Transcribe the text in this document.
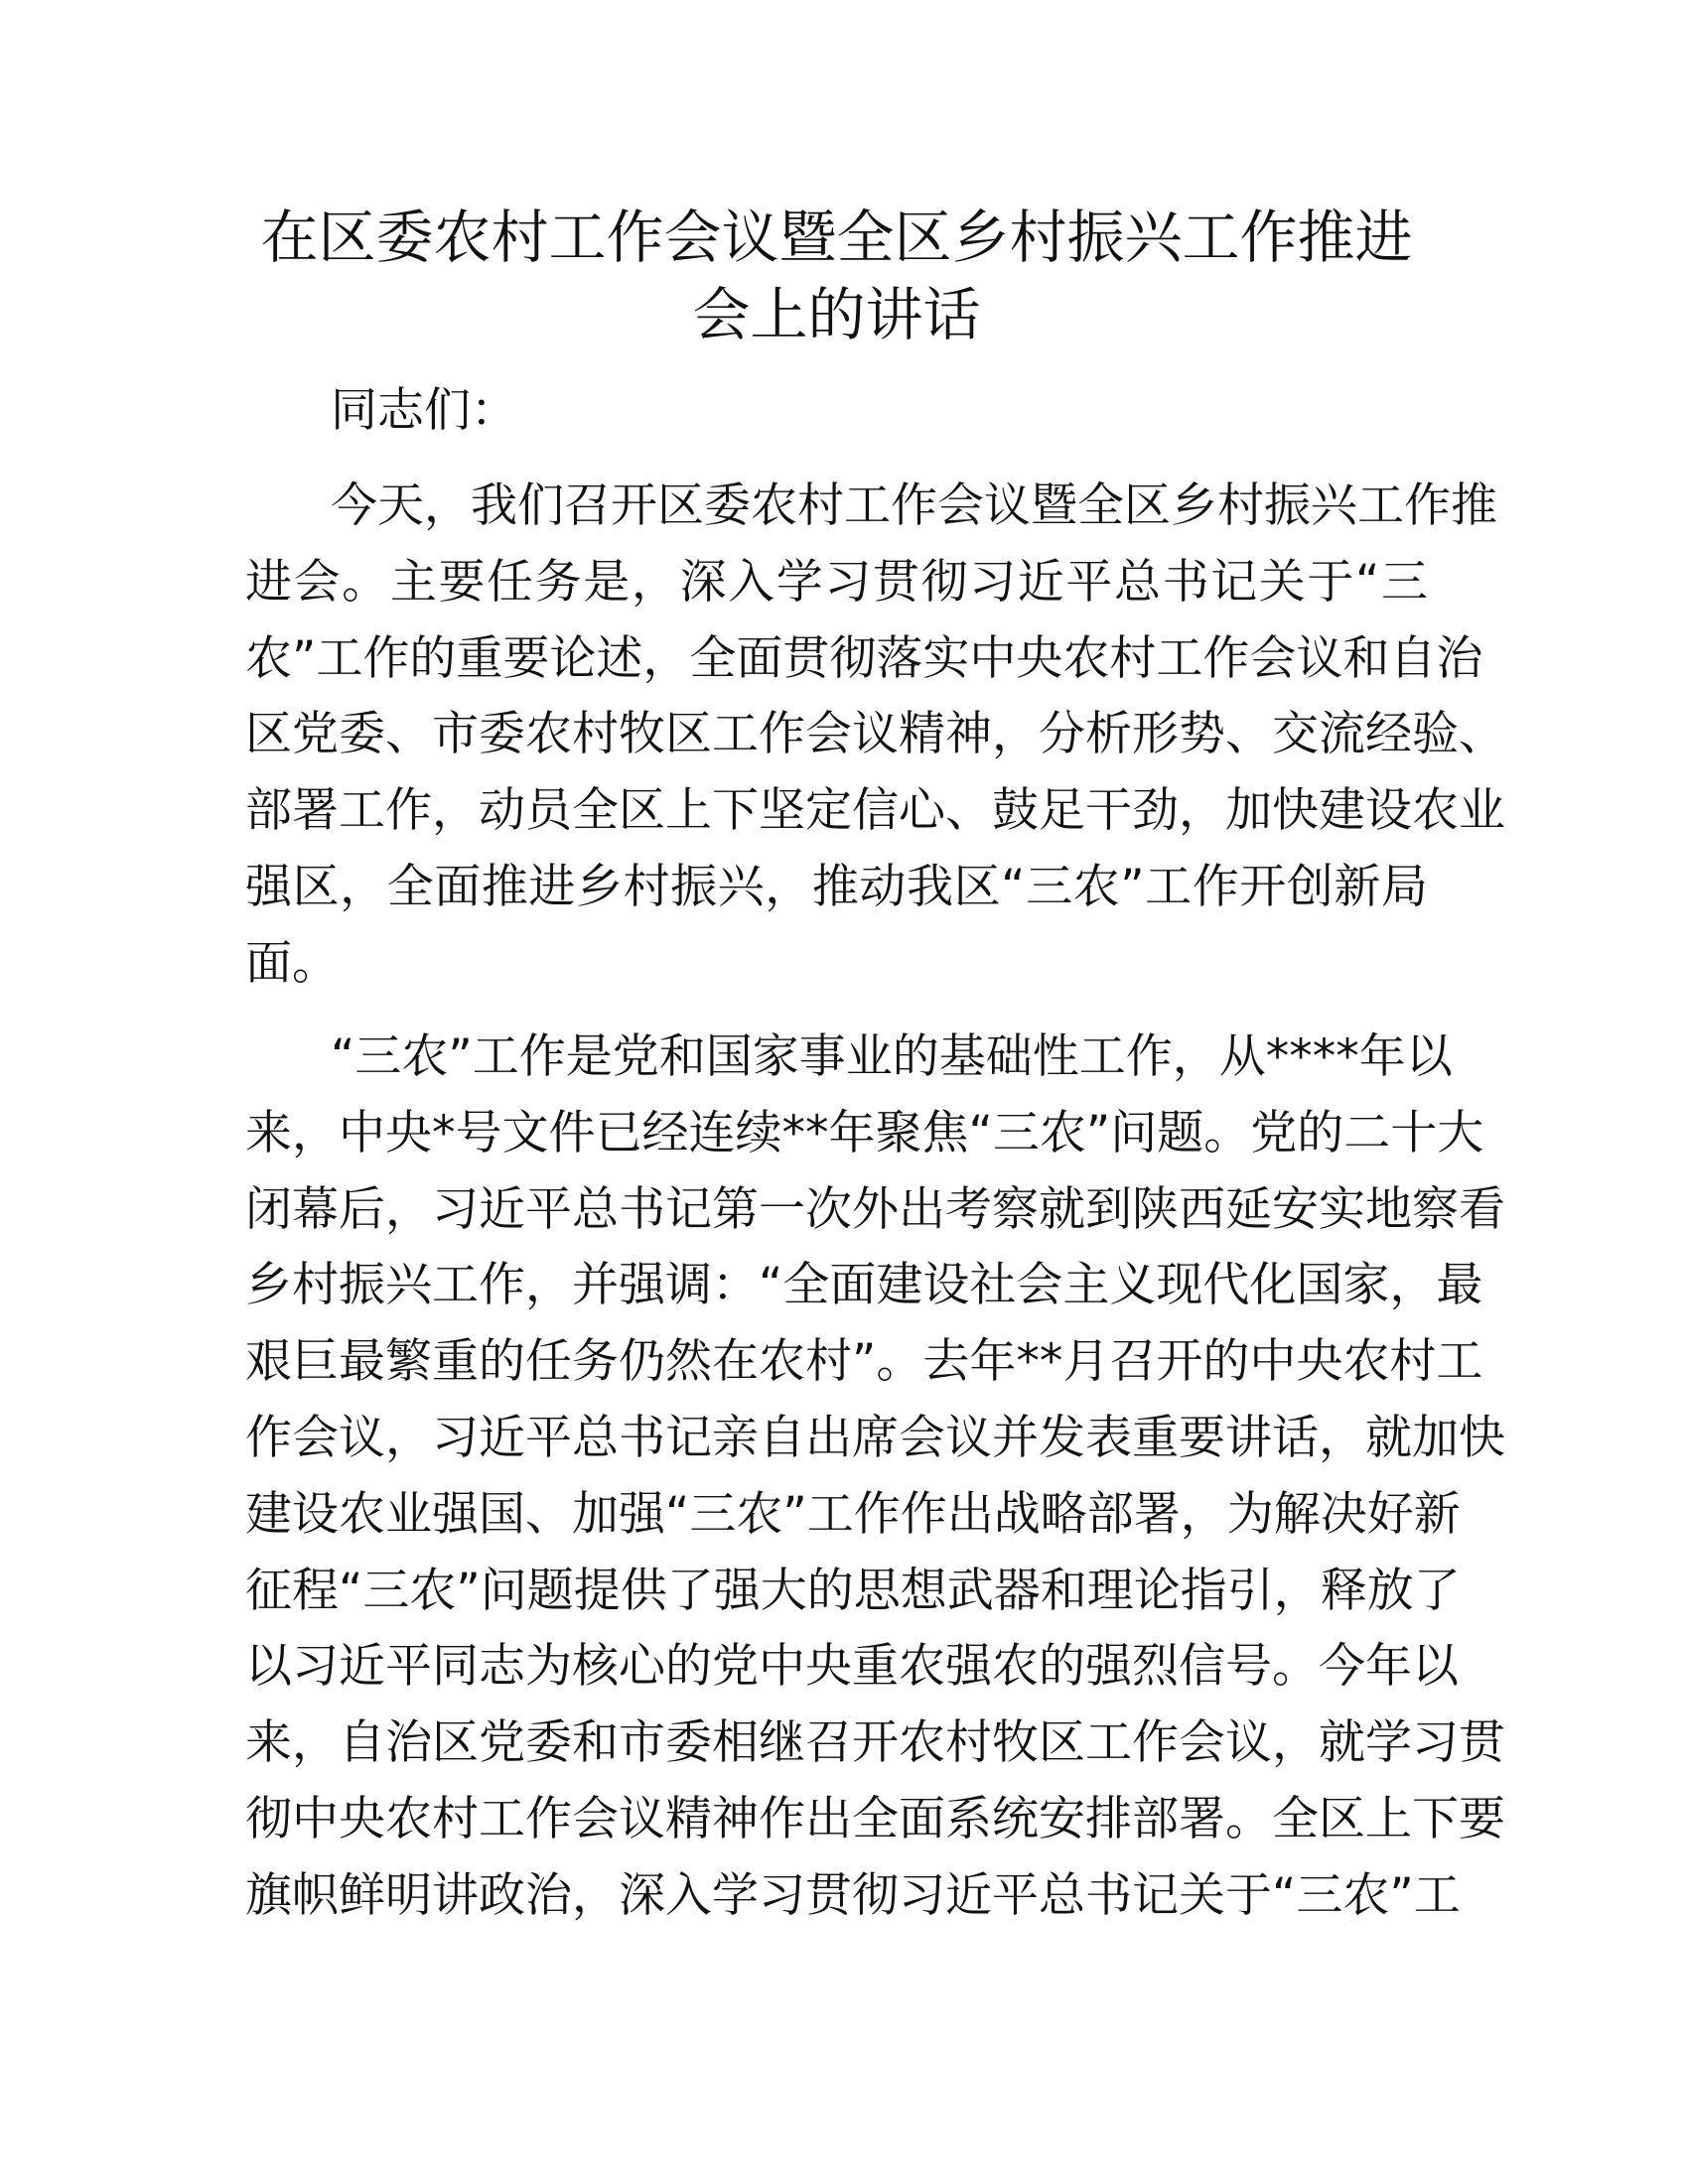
在区委农村工作会议暨全区乡村振兴工作推进
会上的讲话
同志们：
今天，我们召开区委农村工作会议暨全区乡村振兴工作推
进会。主要任务是，深入学习贯彻习近平总书记关于“三
农”工作的重要论述，全面贯彻落实中央农村工作会议和自治
区党委、市委农村牧区工作会议精神，分析形势、交流经验、
部署工作，动员全区上下坚定信心、鼓足干劲，加快建设农业
强区，全面推进乡村振兴，推动我区“三农”工作开创新局
面。
“三农”工作是党和国家事业的基础性工作，从****年以
来，中央*号文件已经连续**年聚焦“三农”问题。党的二十大
闭幕后，习近平总书记第一次外出考察就到陕西延安实地察看
乡村振兴工作，并强调：“全面建设社会主义现代化国家，最
艰巨最繁重的任务仍然在农村”。去年**月召开的中央农村工
作会议，习近平总书记亲自出席会议并发表重要讲话，就加快
建设农业强国、加强“三农”工作作出战略部署，为解决好新
征程“三农”问题提供了强大的思想武器和理论指引，释放了
以习近平同志为核心的党中央重农强农的强烈信号。今年以
来，自治区党委和市委相继召开农村牧区工作会议，就学习贯
彻中央农村工作会议精神作出全面系统安排部署。全区上下要
旗帜鲜明讲政治，深入学习贯彻习近平总书记关于“三农”工
